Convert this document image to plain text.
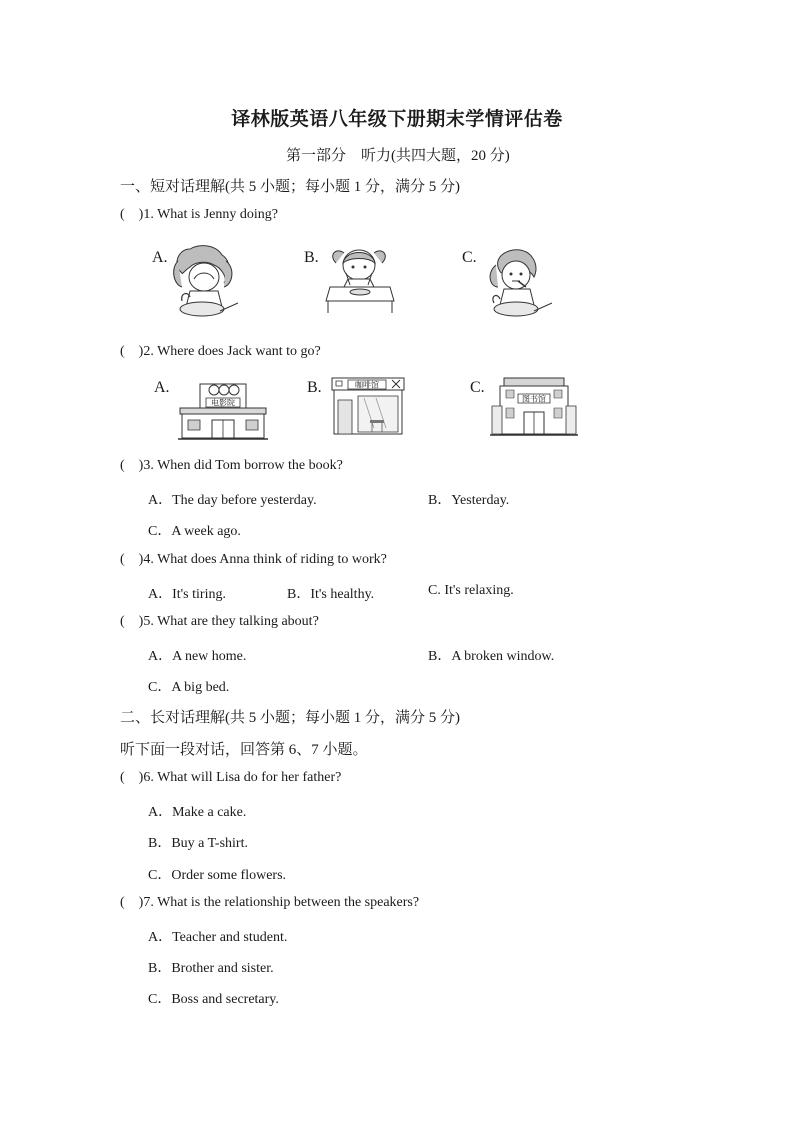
译林版英语八年级下册期末学情评估卷
第一部分　听力(共四大题，20 分)
一、短对话理解(共 5 小题；每小题 1 分，满分 5 分)
( )1. What is Jenny doing?
A.	B.	C.
( )2. Where does Jack want to go?
A.	B.	C.
电影院
咖啡馆
图书馆
( )3. When did Tom borrow the book?
A．The day before yesterday.	B．Yesterday.
C．A week ago.
( )4. What does Anna think of riding to work?
A．It's tiring.	B．It's healthy.	C. It's relaxing.
( )5. What are they talking about?
A．A new home.	B．A broken window.
C．A big bed.
二、长对话理解(共 5 小题；每小题 1 分，满分 5 分)
听下面一段对话，回答第 6、7 小题。
( )6. What will Lisa do for her father?
A．Make a cake.
B．Buy a T-shirt.
C．Order some flowers.
( )7. What is the relationship between the speakers?
A．Teacher and student.
B．Brother and sister.
C．Boss and secretary.
